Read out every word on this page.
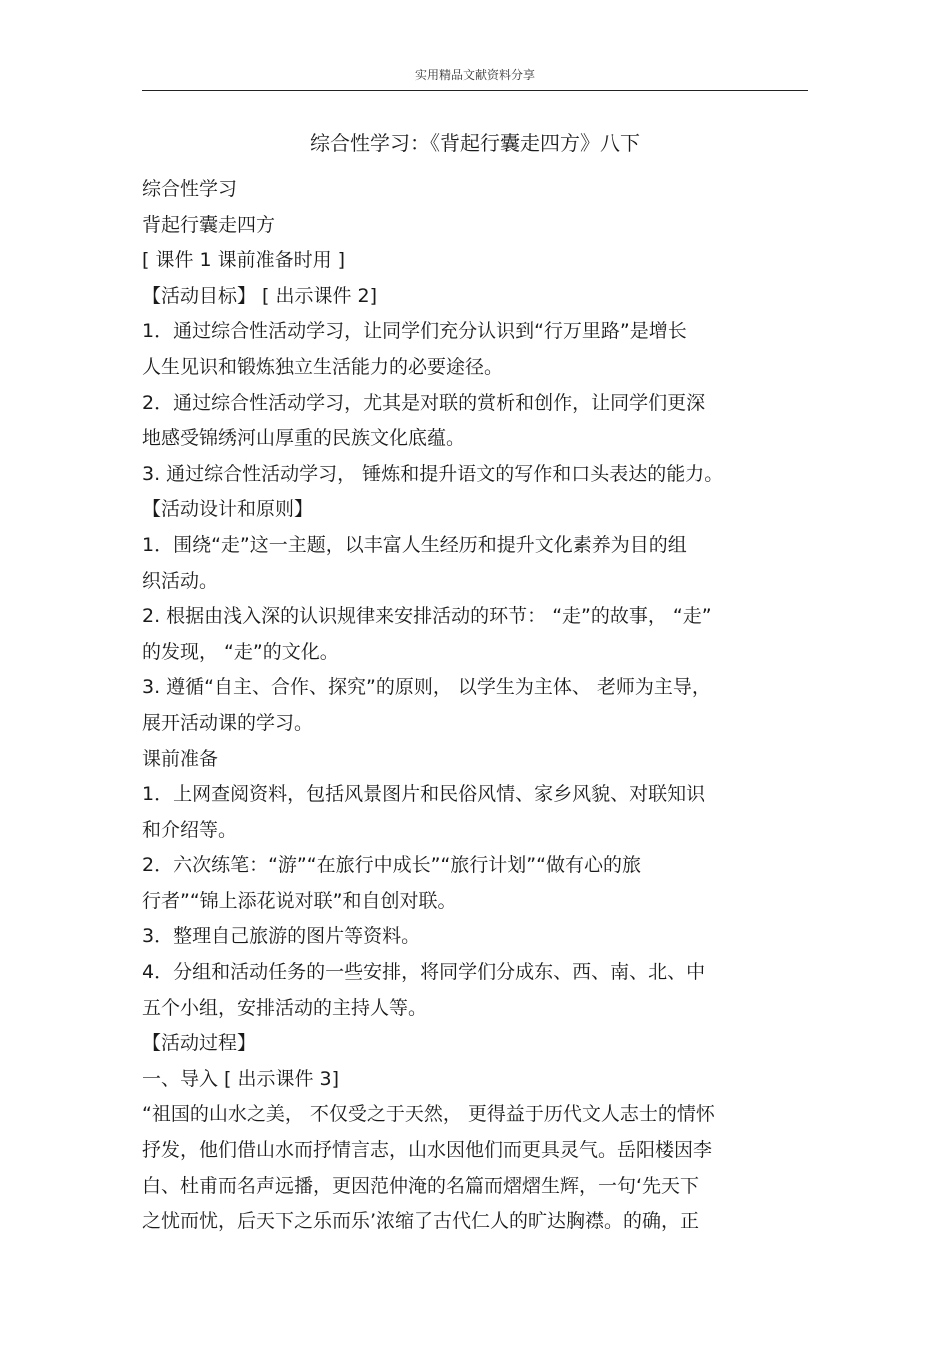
实用精品文献资料分享
综合性学习：《背起行囊走四方》八下
综合性学习
背起行囊走四方
[ 课件 1 课前准备时用 ]
【活动目标】 [ 出示课件 2]
1．通过综合性活动学习，让同学们充分认识到“行万里路”是增长
人生见识和锻炼独立生活能力的必要途径。
2．通过综合性活动学习，尤其是对联的赏析和创作，让同学们更深
地感受锦绣河山厚重的民族文化底蕴。
3. 通过综合性活动学习， 锤炼和提升语文的写作和口头表达的能力。
【活动设计和原则】
1．围绕“走”这一主题，以丰富人生经历和提升文化素养为目的组
织活动。
2. 根据由浅入深的认识规律来安排活动的环节： “走”的故事， “走”
的发现， “走”的文化。
3. 遵循“自主、合作、探究”的原则， 以学生为主体、 老师为主导，
展开活动课的学习。
课前准备
1．上网查阅资料，包括风景图片和民俗风情、家乡风貌、对联知识
和介绍等。
2．六次练笔：“游”“在旅行中成长”“旅行计划”“做有心的旅
行者”“锦上添花说对联”和自创对联。
3．整理自己旅游的图片等资料。
4．分组和活动任务的一些安排，将同学们分成东、西、南、北、中
五个小组，安排活动的主持人等。
【活动过程】
一、导入 [ 出示课件 3]
“祖国的山水之美， 不仅受之于天然， 更得益于历代文人志士的情怀
抒发，他们借山水而抒情言志，山水因他们而更具灵气。岳阳楼因李
白、杜甫而名声远播，更因范仲淹的名篇而熠熠生辉，一句‘先天下
之忧而忧，后天下之乐而乐’浓缩了古代仁人的旷达胸襟。的确，正
